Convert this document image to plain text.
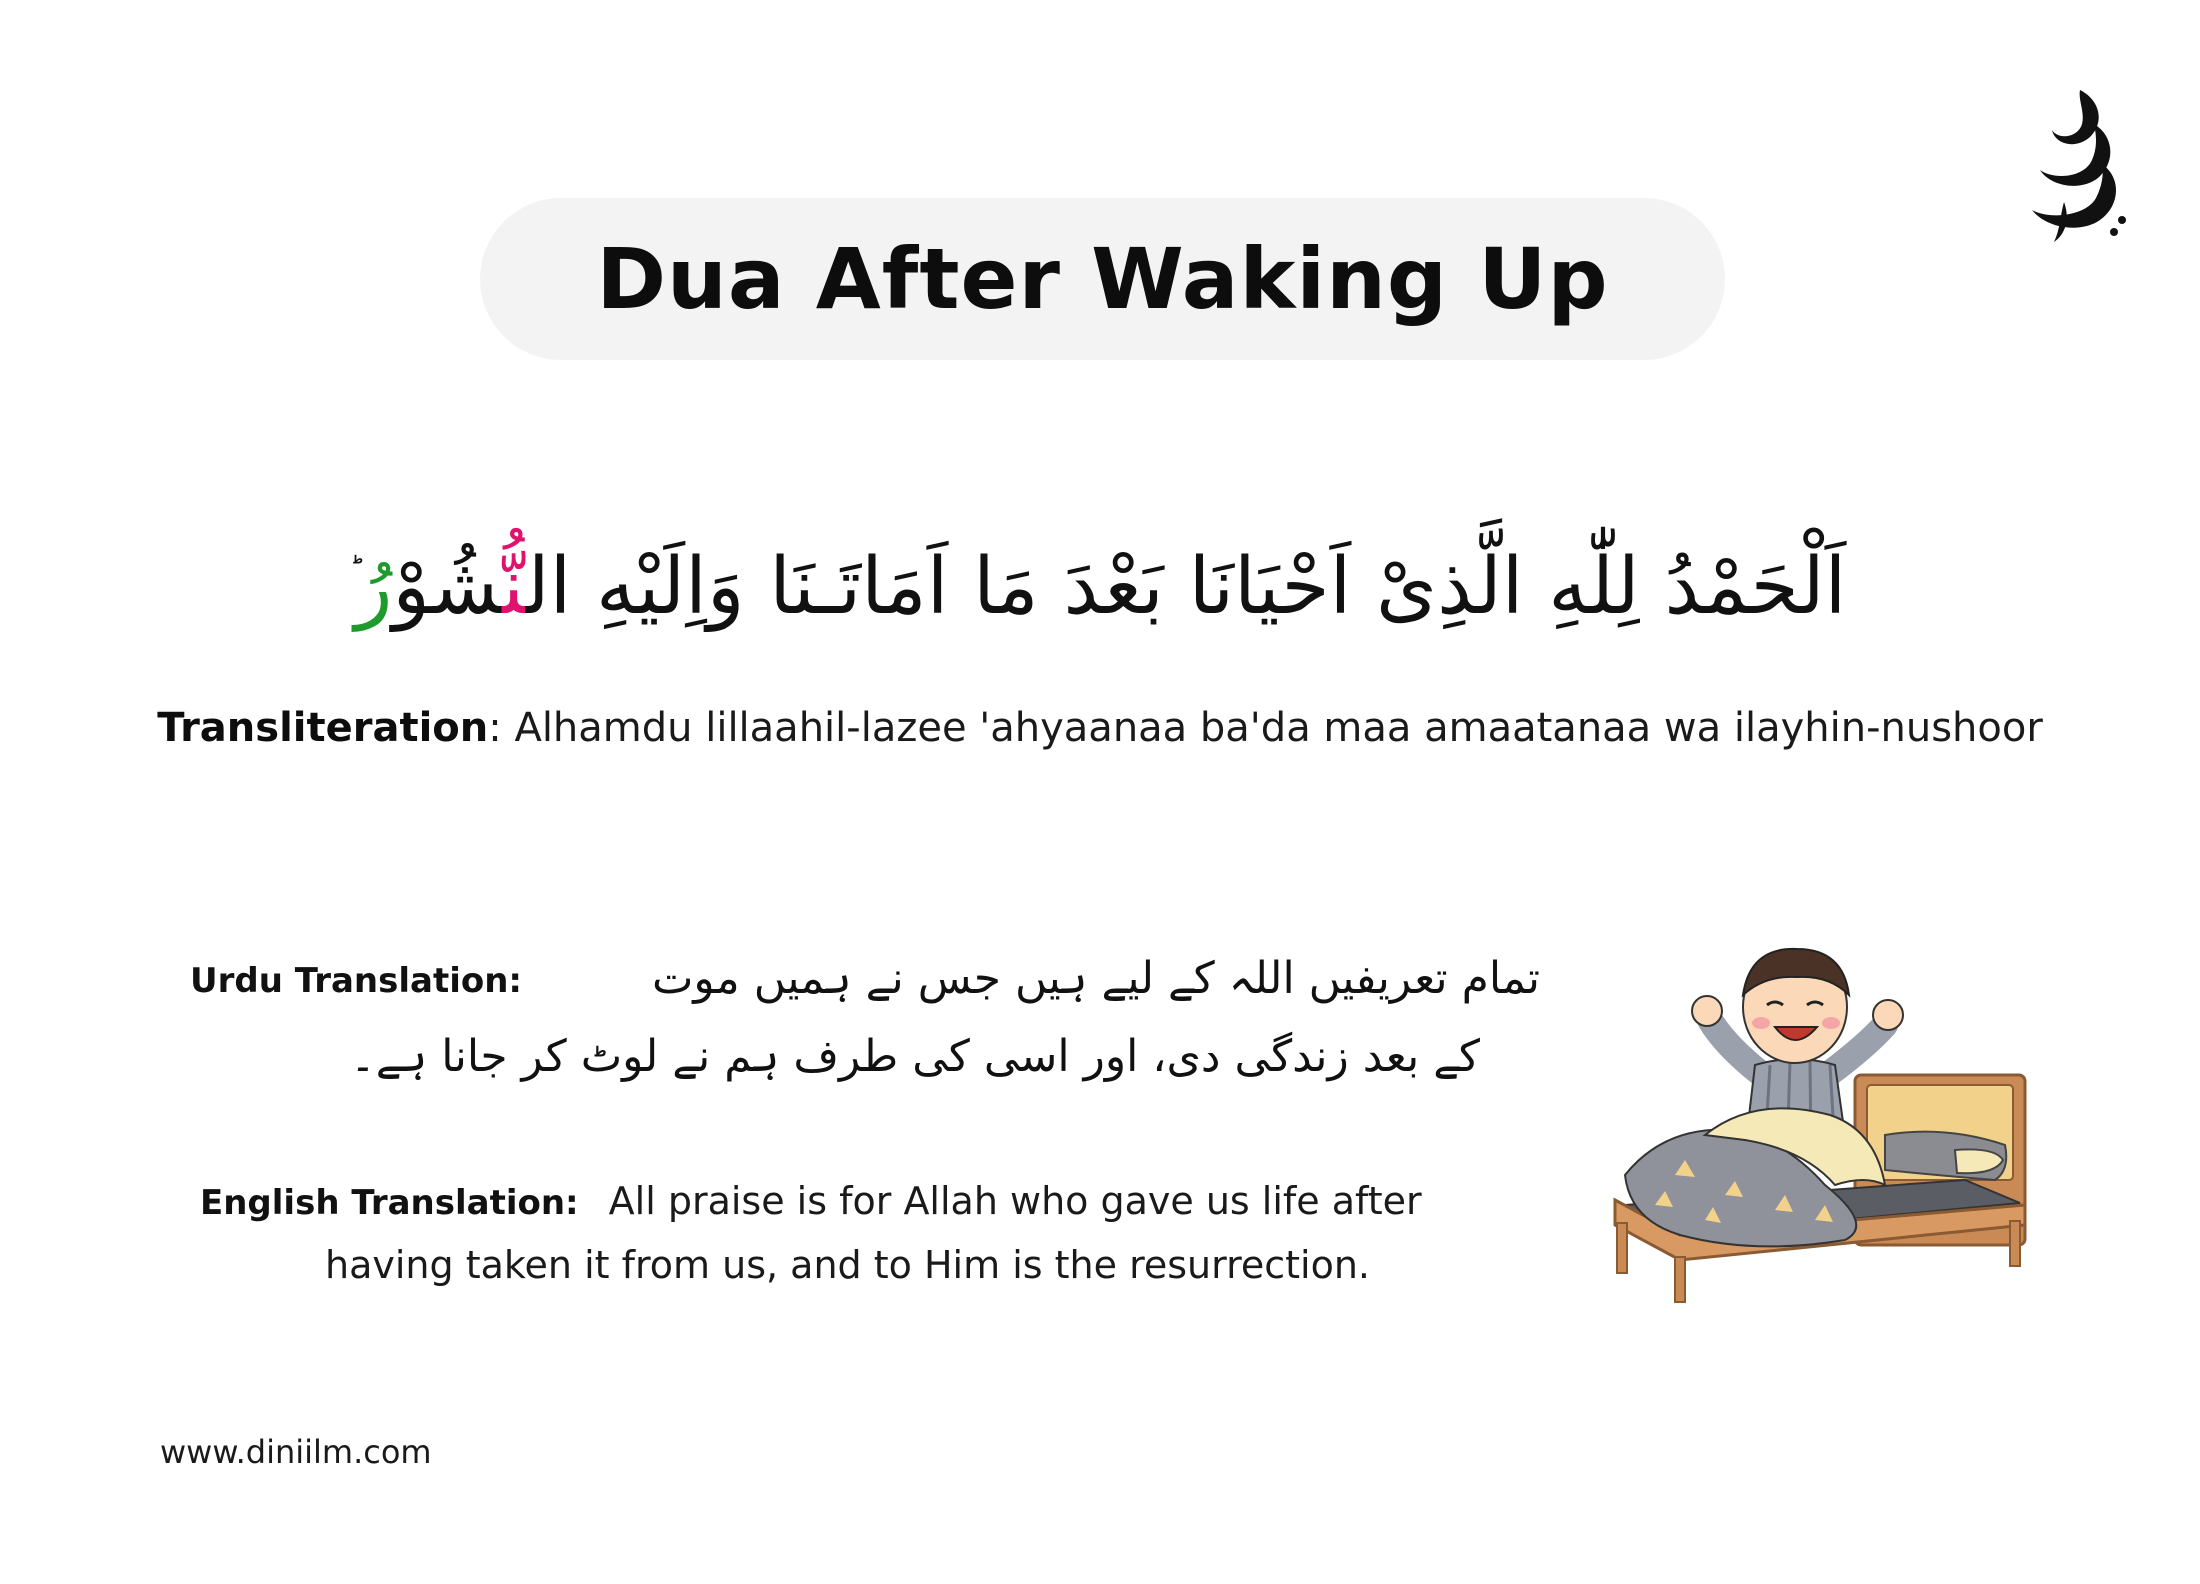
Dua After Waking Up
اَلْحَمْدُ لِلّٰهِ الَّذِىْ اَحْيَانَا بَعْدَ مَا اَمَاتَـنَا وَاِلَيْهِ النُّشُوْرُ
Transliteration: Alhamdu lillaahil-lazee 'ahyaanaa ba'da maa amaatanaa wa ilayhin-nushoor
Urdu Translation:	تمام تعریفیں اللہ کے لیے ہیں جس نے ہمیں موت
کے بعد زندگی دی، اور اسی کی طرف ہم نے لوٹ کر جانا ہے۔
English Translation: All praise is for Allah who gave us life after
having taken it from us, and to Him is the resurrection.
www.diniilm.com
